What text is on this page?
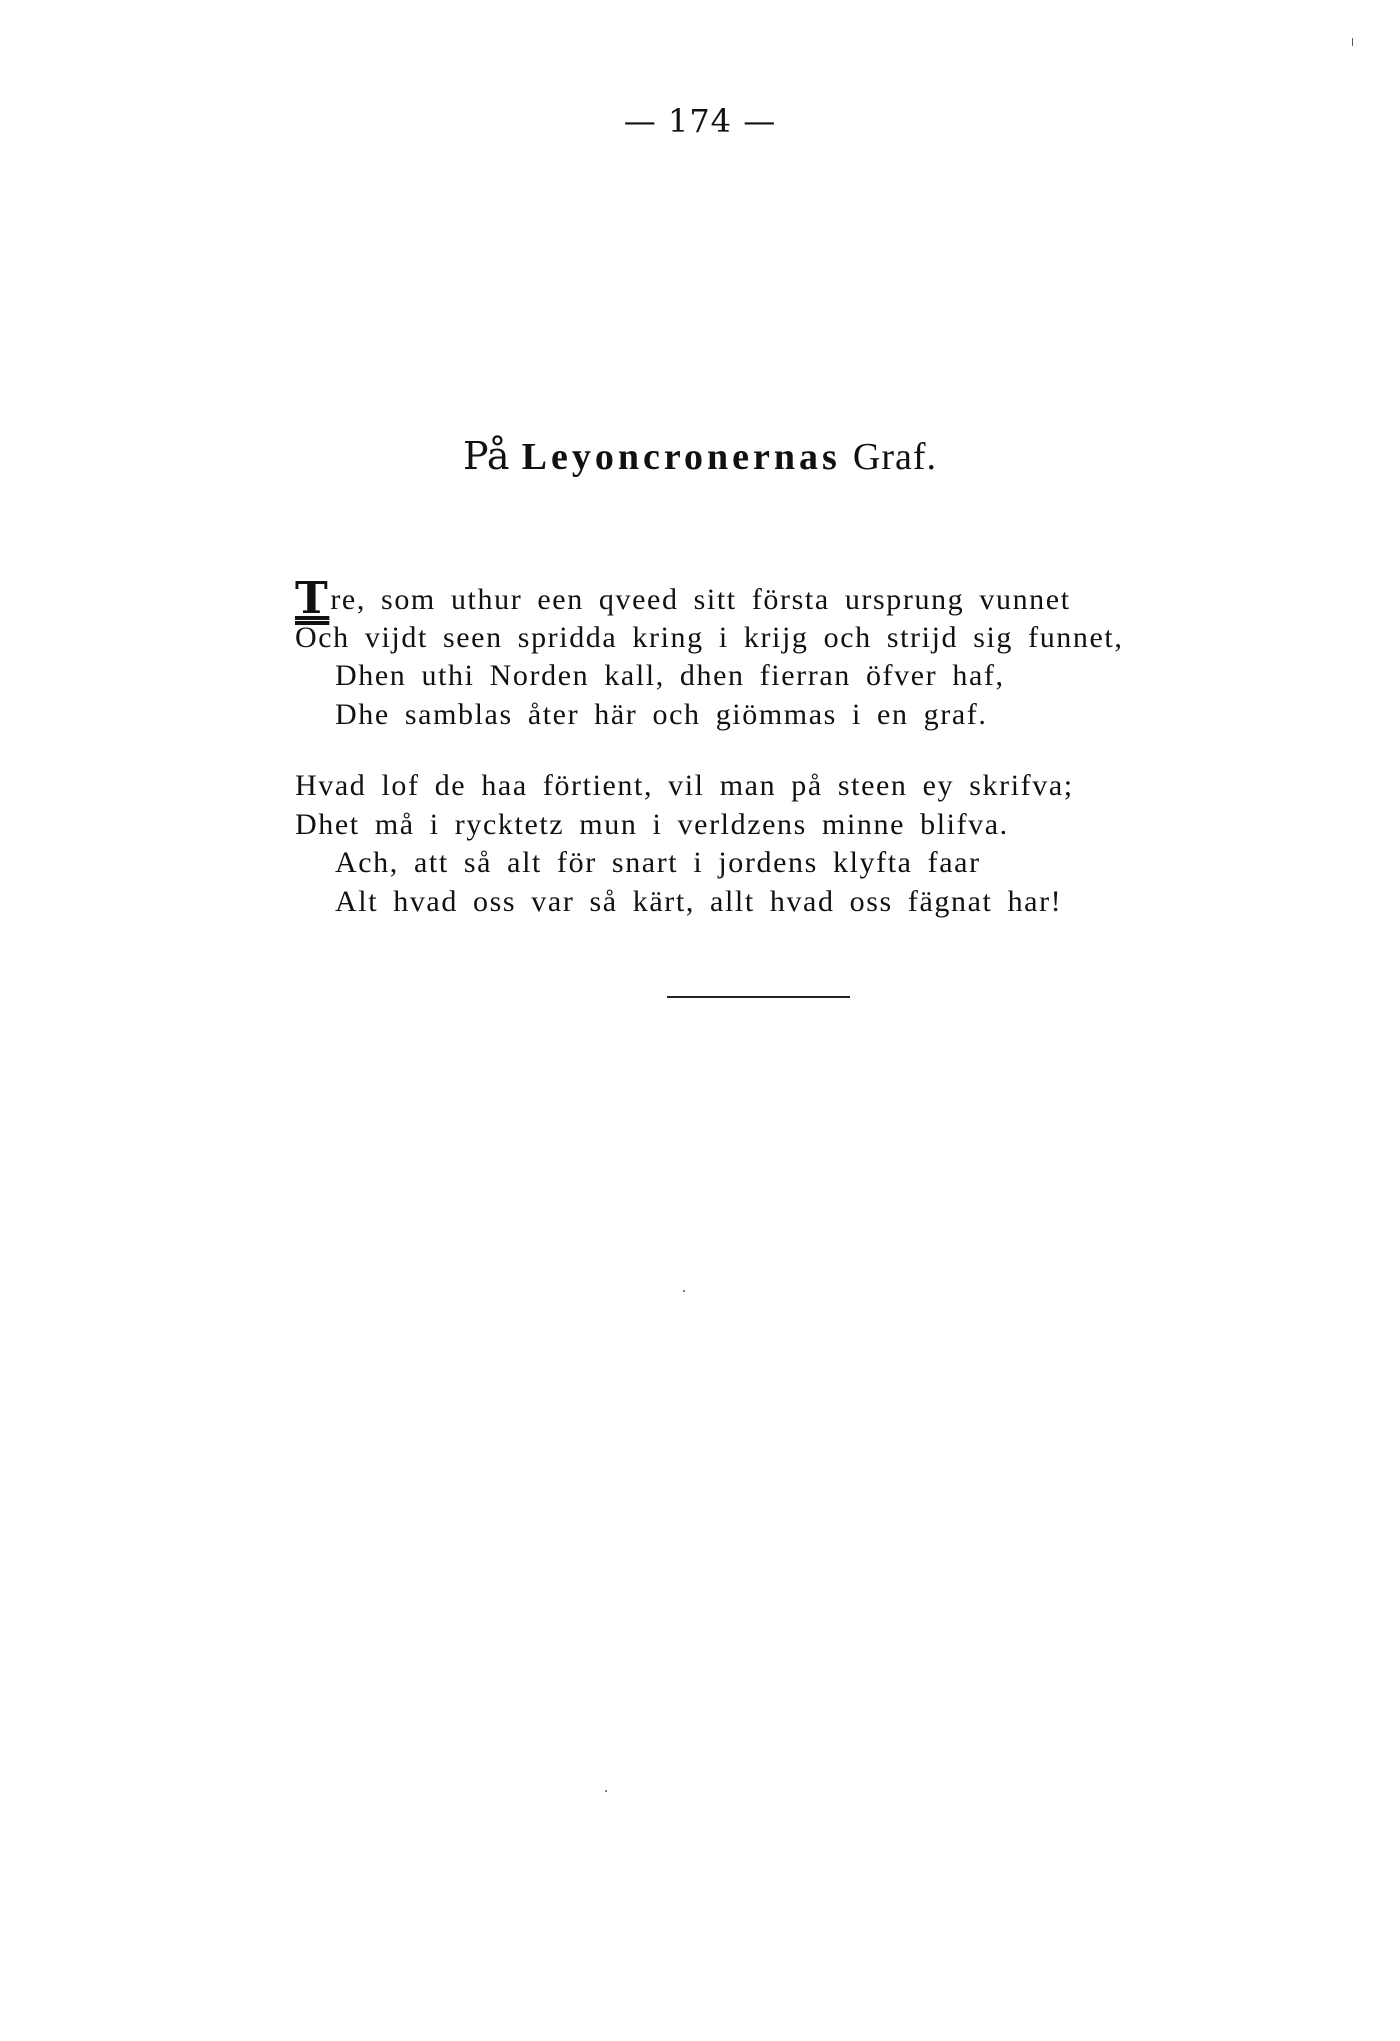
— 174 —
På Leyoncronernas Graf.
Tre, som uthur een qveed sitt första ursprung vunnet
Och vijdt seen spridda kring i krijg och strijd sig funnet,
Dhen uthi Norden kall, dhen fierran öfver haf,
Dhe samblas åter här och giömmas i en graf.
Hvad lof de haa förtient, vil man på steen ey skrifva;
Dhet må i rycktetz mun i verldzens minne blifva.
Ach, att så alt för snart i jordens klyfta faar
Alt hvad oss var så kärt, allt hvad oss fägnat har!
